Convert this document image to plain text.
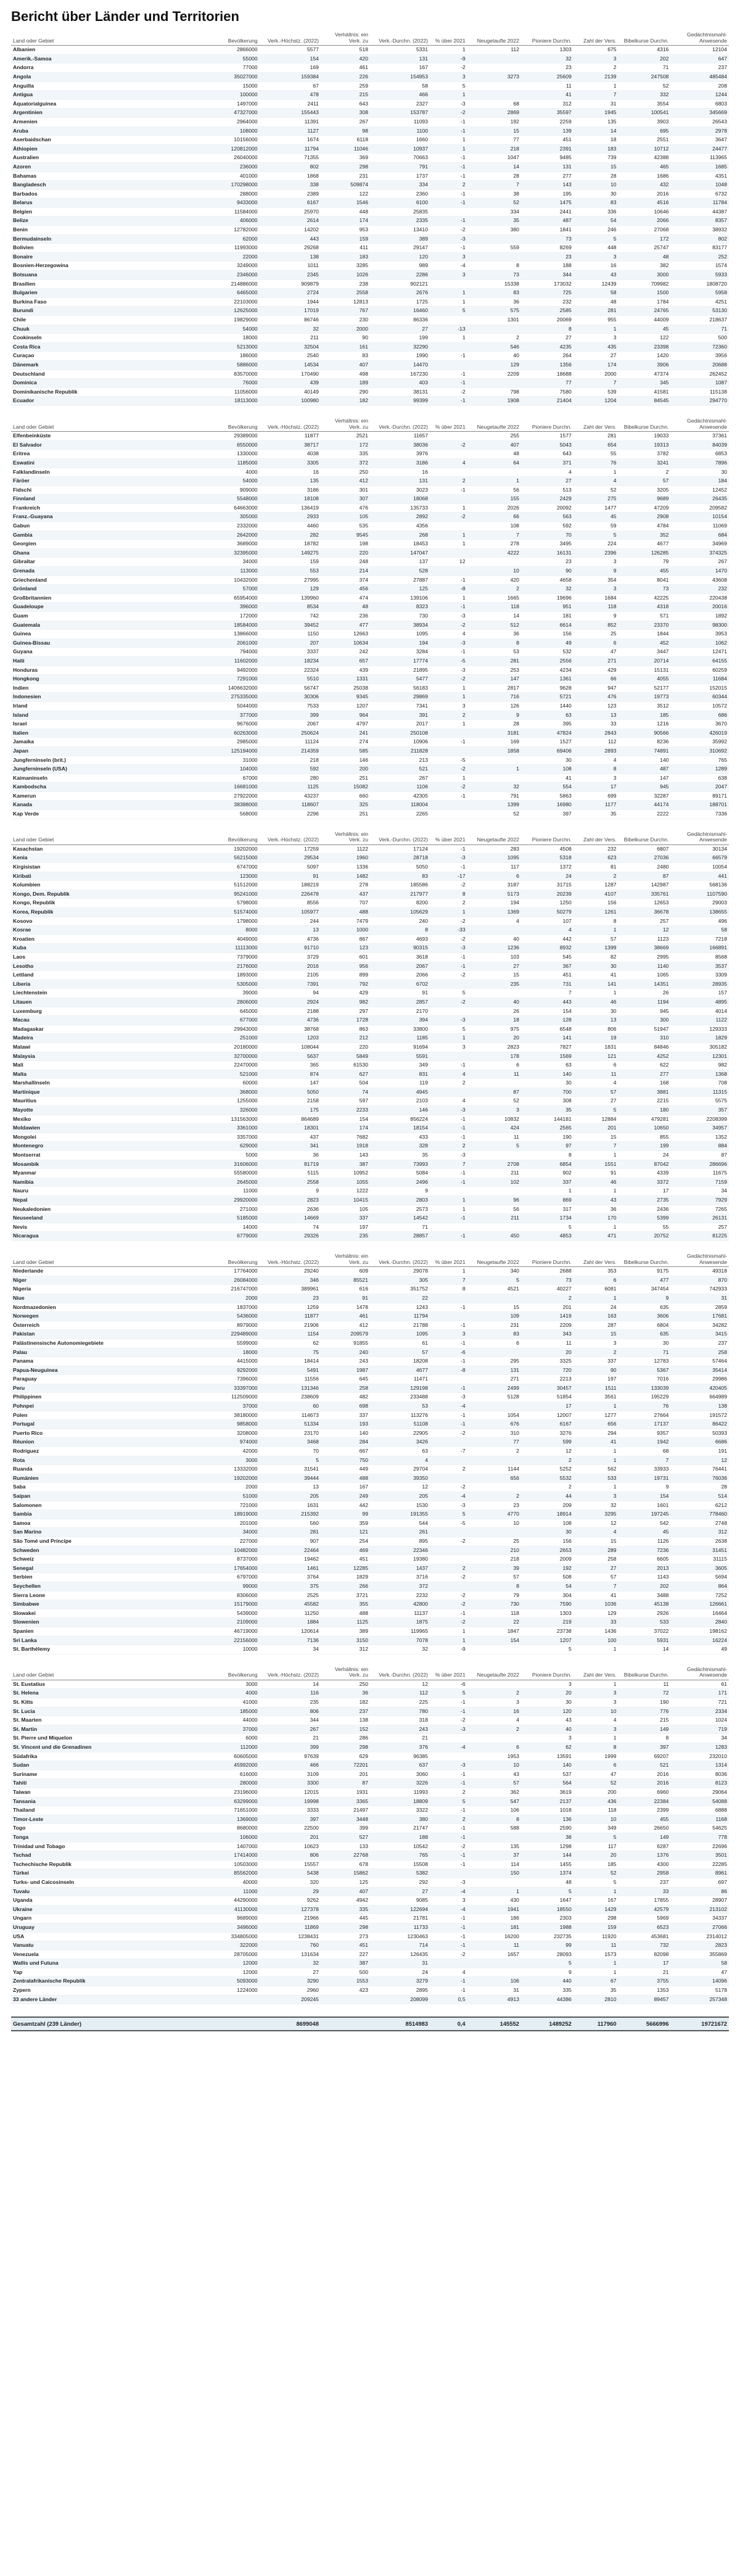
Bericht über Länder und Territorien
Land oder Gebiet	Bevölkerung	Verk.-Höchstz. (2022)	Verhältnis: ein Verk. zu	Verk.-Durchn. (2022)	% über 2021	Neugetaufte 2022	Pioniere Durchn.	Zahl der Vers.	Bibelkurse Durchn.	Gedächtnismahl-Anwesende
Albanien	2866000	5577	518	5331	1	112	1303	675	4316	12104
Amerik.-Samoa	55000	154	420	131	-9		32	3	202	647
Andorra	77000	169	461	167	-2		23	2	71	237
Angola	35027000	159384	226	154953	3	3273	25609	2139	247508	485484
Anguilla	15000	67	259	58	5		11	1	52	208
Antigua	100000	478	215	466	1		41	7	332	1244
Äquatorialguinea	1497000	2411	643	2327	-3	68	312	31	3554	6803
Argentinien	47327000	155443	308	153787	-2	2869	35597	1945	100541	345669
Armenien	2964000	11391	267	11093	-1	192	2259	135	3903	26543
Aruba	108000	1127	98	1100	-1	15	139	14	695	2978
Aserbaidschan	10156000	1674	6118	1660	1	77	451	18	2551	3647
Äthiopien	120812000	11794	11046	10937	1	218	2391	183	10712	24477
Australien	26040000	71355	369	70663	-1	1047	9485	739	42388	113965
Azoren	236000	802	298	791	-1	14	131	15	465	1685
Bahamas	401000	1868	231	1737	-1	28	277	28	1686	4351
Bangladesch	170298000	338	509874	334	2	7	143	10	432	1048
Barbados	288000	2389	122	2360	-1	38	195	30	2016	6732
Belarus	9433000	6167	1546	6100	-1	52	1475	83	4516	11784
Belgien	11584000	25970	448	25835		334	2441	336	10646	44387
Belize	406000	2614	174	2335	-1	35	487	54	2066	8357
Benin	12782000	14202	953	13410	-2	380	1841	246	27068	38932
Bermudainseln	62000	443	159	389	-3		73	5	172	802
Bolivien	11993000	29268	411	29147	-1	559	8269	448	25747	83177
Bonaire	22000	138	183	120	3		23	3	48	252
Bosnien-Herzegowina	3249000	1011	3285	989	-4	8	188	16	382	1574
Botsuana	2346000	2345	1026	2286	3	73	344	43	3000	5933
Brasilien	214886000	909879	238	902121		15338	173032	12439	709982	1808720
Bulgarien	6465000	2724	2558	2676	1	83	725	58	1500	5958
Burkina Faso	22103000	1944	12813	1725	1	36	232	48	1784	4251
Burundi	12625000	17019	767	16460	5	575	2585	281	24765	53130
Chile	19829000	86746	230	86336		1301	20069	955	44009	218637
Chuuk	54000	32	2000	27	-13		8	1	45	71
Cookinseln	18000	211	90	199	1	2	27	3	122	500
Costa Rica	5213000	32504	161	32290		546	4235	435	23398	72360
Curaçao	186000	2540	83	1990	-1	40	264	27	1420	3956
Dänemark	5886000	14534	407	14470		129	1356	174	3906	20688
Deutschland	83570000	170490	498	167230	-1	2209	18688	2000	47374	262452
Dominica	76000	439	189	403	-1		77	7	345	1087
Dominikanische Republik	11056000	40149	290	38131	-2	798	7580	539	41581	115138
Ecuador	18113000	100980	182	99399	-1	1908	21404	1204	84545	294770
Land oder Gebiet	Bevölkerung	Verk.-Höchstz. (2022)	Verhältnis: ein Verk. zu	Verk.-Durchn. (2022)	% über 2021	Neugetaufte 2022	Pioniere Durchn.	Zahl der Vers.	Bibelkurse Durchn.	Gedächtnismahl-Anwesende
Elfenbeinküste	29389000	11877	2521	11657		255	1577	281	19033	37361
El Salvador	6550000	38717	172	38036	-2	407	5043	654	19313	84039
Eritrea	1330000	4038	335	3976		48	643	55	3782	6853
Eswatini	1185000	3305	372	3186	4	64	371	76	3241	7896
Falklandinseln	4000	16	250	16			4	1	2	30
Färöer	54000	135	412	131	2	1	27	4	57	184
Fidschi	909000	3186	301	3023	-1	56	513	52	3205	12452
Finnland	5548000	18108	307	18068		155	2429	275	9689	26435
Frankreich	64663000	136419	476	135733	1	2026	20092	1477	47209	209582
Franz.-Guayana	305000	2933	105	2892	-2	66	563	45	2908	10154
Gabun	2332000	4460	535	4356		108	592	59	4784	11069
Gambia	2642000	282	9545	268	1	7	70	5	352	684
Georgien	3689000	18782	198	18453	1	278	3495	224	4677	34969
Ghana	32395000	149275	220	147047		4222	16131	2396	126285	374325
Gibraltar	34000	159	248	137	12		23	3	79	267
Grenada	113000	553	214	528		10	90	9	455	1470
Griechenland	10432000	27995	374	27887	-1	420	4658	354	8041	43608
Grönland	57000	129	456	125	-8	2	32	3	73	232
Großbritannien	65954000	139960	474	139106	1	1665	19696	1684	42225	220438
Guadeloupe	396000	8534	48	8323	-1	118	951	118	4318	20016
Guam	172000	742	236	730	-3	14	181	9	571	1892
Guatemala	18584000	39452	477	38934	-2	512	6614	852	23370	98300
Guinea	13866000	1150	12663	1095	4	36	156	25	1844	3953
Guinea-Bissau	2061000	207	10634	194	-3	8	49	6	452	1062
Guyana	794000	3337	242	3284	-1	53	532	47	3447	12471
Haiti	11602000	18234	657	17774	-5	281	2556	271	20714	64155
Honduras	9492000	22324	439	21895	-3	253	4234	429	15131	60259
Hongkong	7291000	5510	1331	5477	-2	147	1361	66	4055	11684
Indien	1406632000	56747	25038	56183	1	2817	9628	947	52177	152015
Indonesien	275335000	30306	9345	29869	1	716	5721	476	19773	60344
Irland	5044000	7533	1207	7341	3	126	1440	123	3512	10572
Island	377000	399	964	391	2	9	63	13	185	686
Israel	9676000	2067	4797	2017	1	28	395	33	1216	3670
Italien	60263000	250624	241	250108		3181	47824	2843	90566	426019
Jamaika	2985000	11124	274	10906	-1	169	1527	112	8236	35992
Japan	125194000	214359	585	211828		1858	69406	2893	74891	310692
Jungferninseln (brit.)	31000	218	146	213	-5		30	4	140	765
Jungferninseln (USA)	104000	592	200	521	-2	1	108	8	487	1289
Kaimaninseln	67000	280	251	267	1		41	3	147	638
Kambodscha	16681000	1125	15082	1106	-2	32	554	17	945	2047
Kamerun	27922000	43237	660	42305	-1	791	5863	699	32287	89171
Kanada	38388000	118607	325	118004		1399	16980	1177	44174	188701
Kap Verde	568000	2296	251	2265		52	397	35	2222	7336
Land oder Gebiet	Bevölkerung	Verk.-Höchstz. (2022)	Verhältnis: ein Verk. zu	Verk.-Durchn. (2022)	% über 2021	Neugetaufte 2022	Pioniere Durchn.	Zahl der Vers.	Bibelkurse Durchn.	Gedächtnismahl-Anwesende
Kasachstan	19202000	17259	1122	17124	-1	283	4508	232	6807	30134
Kenia	56215000	29534	1960	28718	-3	1095	5318	623	27036	66579
Kirgisistan	6747000	5097	1336	5050	-1	117	1372	81	2480	10054
Kiribati	123000	91	1482	83	-17	6	24	2	87	441
Kolumbien	51512000	188219	278	185586	-2	3187	31715	1287	142987	568136
Kongo, Dem. Republik	95241000	226478	437	217977	8	5173	20239	4107	335761	1107590
Kongo, Republik	5798000	8556	707	8200	2	194	1250	156	12653	29003
Korea, Republik	51574000	105977	488	105629	1	1369	50279	1261	36678	138655
Kosovo	1798000	244	7479	240	-2	4	107	8	257	496
Kosrae	8000	13	1000	8	-33		4	1	12	58
Kroatien	4049000	4736	867	4693	-2	40	442	57	1123	7218
Kuba	11113000	91710	123	90315	-3	1236	8932	1399	38669	166891
Laos	7379000	3729	601	3618	-1	103	545	82	2995	8568
Lesotho	2176000	2016	956	2067	-1	27	367	30	1140	3537
Lettland	1893000	2105	899	2066	-2	15	451	41	1065	3309
Liberia	5305000	7391	792	6702		235	731	141	14351	28935
Liechtenstein	39000	94	429	91	5		7	1	26	157
Litauen	2806000	2924	982	2857	-2	40	443	46	1194	4895
Luxemburg	645000	2188	297	2170		26	154	30	945	4014
Macau	677000	4736	1728	394	-3	18	128	13	300	1122
Madagaskar	29943000	38768	863	33800	5	975	6548	806	51947	129333
Madeira	251000	1203	212	1185	1	20	141	19	310	1829
Malawi	20180000	108044	220	91694	3	2823	7827	1831	84846	305182
Malaysia	32700000	5637	5849	5591		178	1569	121	4252	12301
Mali	22470000	365	61530	349	-1	6	63	6	622	982
Malta	521000	874	627	831	4	11	140	11	277	1368
Marshallinseln	60000	147	504	119	2		30	4	168	708
Martinique	368000	5050	74	4945		87	700	57	3881	11315
Mauritius	1255000	2158	597	2103	4	52	308	27	2215	5575
Mayotte	326000	175	2233	146	-3	3	35	5	180	357
Mexiko	131563000	864689	154	856224	-1	10832	144181	12884	479281	2208399
Moldawien	3361000	18301	174	18154	-1	424	2565	201	10650	34957
Mongolei	3357000	437	7682	433	-1	11	190	15	855	1352
Montenegro	629000	341	1918	328	2	5	97	7	199	884
Montserrat	5000	36	143	35	-3		8	1	24	87
Mosambik	31606000	81719	387	73993	7	2708	6854	1551	87042	286696
Myanmar	55580000	5115	10952	5084	-1	211	902	91	4339	11675
Namibia	2645000	2558	1055	2496	-1	102	337	46	3372	7159
Nauru	11000	9	1222	9			1	1	17	34
Nepal	29920000	2823	10415	2803	1	96	869	43	2735	7929
Neukaledonien	271000	2636	105	2573	1	56	317	36	2436	7265
Neuseeland	5185000	14669	337	14542	-1	211	1734	170	5399	26131
Nevis	14000	74	197	71			5	1	55	257
Nicaragua	6779000	29326	235	28857	-1	450	4853	471	20752	81225
Land oder Gebiet	Bevölkerung	Verk.-Höchstz. (2022)	Verhältnis: ein Verk. zu	Verk.-Durchn. (2022)	% über 2021	Neugetaufte 2022	Pioniere Durchn.	Zahl der Vers.	Bibelkurse Durchn.	Gedächtnismahl-Anwesende
Niederlande	17764000	29240	609	29078	1	340	2688	353	9175	49318
Niger	26084000	346	85521	305	7	5	73	6	477	870
Nigeria	216747000	389961	616	351752	8	4521	40227	6081	347454	742933
Niue	2000	23	91	22			2	1	9	31
Nordmazedonien	1837000	1259	1478	1243	-1	15	201	24	635	2859
Norwegen	5436000	11877	461	11794		109	1419	163	3606	17681
Österreich	8979000	21906	412	21788	-1	231	2209	287	6804	34282
Pakistan	229489000	1154	209579	1095	3	83	343	15	635	3415
Palästinensische Autonomiegebiete	5599000	62	91855	61	-1	6	11	3	30	237
Palau	18000	75	240	57	-6		20	2	71	258
Panama	4415000	18414	243	18208	-1	295	3325	337	12783	57464
Papua-Neuguinea	9292000	5491	1987	4677	-8	131	720	90	5367	35414
Paraguay	7396000	11556	645	11471		271	2213	197	7016	29986
Peru	33397000	131346	258	129198	-1	2499	30457	1511	133039	420405
Philippinen	112509000	238609	482	233488	-3	5128	51854	3561	195229	664989
Pohnpei	37000	60	698	53	-4		17	1	76	138
Polen	38180000	114673	337	113276	-1	1054	12007	1277	27664	191572
Portugal	9858000	51334	193	51108	-1	676	6167	656	17137	86422
Puerto Rico	3208000	23170	140	22905	-2	310	3276	294	9357	50393
Réunion	974000	3468	284	3426		77	599	41	1942	6686
Rodriguez	42000	70	667	63	-7	2	12	1	68	191
Rota	3000	5	750	4			2	1	7	12
Ruanda	13332000	31541	449	29704	2	1144	5252	562	33933	76441
Rumänien	19202000	39444	488	39350		656	5532	533	19731	76036
Saba	2000	13	167	12	-2		2	1	9	28
Saipan	51000	205	249	205	-4	2	44	3	154	514
Salomonen	721000	1631	442	1530	-3	23	209	32	1601	6212
Sambia	18919000	215392	99	191355	5	4770	18914	3295	197245	778460
Samoa	201000	560	359	544	-5	10	108	12	542	2748
San Marino	34000	281	121	261			30	4	45	312
São Tomé und Príncipe	227000	907	254	895	-2	25	156	15	1126	2638
Schweden	10482000	22464	469	22346		210	2653	289	7236	31451
Schweiz	8737000	19462	451	19380		218	2009	258	6605	31115
Senegal	17654000	1461	12285	1437	2	39	192	27	2013	3605
Serbien	6797000	3764	1829	3716	-2	57	508	57	1143	5694
Seychellen	99000	375	266	372		8	54	7	202	864
Sierra Leone	8306000	2525	3721	2232	-2	79	304	41	3488	7252
Simbabwe	15179000	45582	355	42800	-2	730	7590	1036	45138	126661
Slowakei	5439000	11250	488	11137	-1	118	1303	129	2926	16464
Slowenien	2109000	1884	1125	1875	-2	22	219	33	533	2840
Spanien	46719000	120614	389	119965	1	1847	23738	1436	37022	198162
Sri Lanka	22156000	7136	3150	7078	1	154	1207	100	5931	16224
St. Barthélemy	10000	34	312	32	-9		5	1	14	49
Land oder Gebiet	Bevölkerung	Verk.-Höchstz. (2022)	Verhältnis: ein Verk. zu	Verk.-Durchn. (2022)	% über 2021	Neugetaufte 2022	Pioniere Durchn.	Zahl der Vers.	Bibelkurse Durchn.	Gedächtnismahl-Anwesende
St. Eustatius	3000	14	250	12	-6		3	1	11	61
St. Helena	4000	116	36	112	5	2	20	3	72	171
St. Kitts	41000	235	182	225	-1	3	30	3	190	721
St. Lucia	185000	806	237	780	-1	16	120	10	776	2334
St. Maarten	44000	344	138	318	-2	4	43	4	215	1024
St. Martin	37000	267	152	243	-3	2	40	3	149	719
St. Pierre und Miquelon	6000	21	286	21			3	1	8	34
St. Vincent und die Grenadinen	112000	399	298	376	-4	6	62	8	397	1283
Südafrika	60605000	97639	629	96385		1953	13591	1999	69207	232010
Sudan	45992000	466	72201	637	-3	10	140	6	521	1314
Suriname	616000	3109	201	3060	-1	43	537	47	2016	8036
Tahiti	280000	3300	87	3226	-1	57	564	52	2016	8123
Taiwan	23196000	12015	1931	11993	2	362	3619	200	6960	29064
Tansania	63299000	19998	3365	18809	5	547	2137	436	22384	54088
Thailand	71651000	3333	21497	3322	-1	106	1018	118	2399	6888
Timor-Leste	1369000	397	3448	380	2	8	136	10	455	1168
Togo	8680000	22500	399	21747	-1	588	2590	349	26650	54625
Tonga	106000	201	527	188	-1		38	5	149	778
Trinidad und Tobago	1407000	10623	133	10542	-2	135	1298	117	6287	22696
Tschad	17414000	806	22768	765	-1	37	144	20	1376	3501
Tschechische Republik	10503000	15557	678	15508	-1	114	1455	185	4300	22285
Türkei	85562000	5438	15862	5382		150	1374	52	2958	8961
Turks- und Caicosinseln	40000	320	125	292	-3		48	5	237	697
Tuvalu	11000	29	407	27	-4	1	5	1	33	86
Uganda	44290000	9262	4942	9085	3	430	1647	167	17855	28907
Ukraine	41130000	127378	335	122694	-4	1941	18550	1429	42579	213102
Ungarn	9689000	21966	445	21781	-1	186	2303	298	5969	34337
Uruguay	3496000	11869	298	11733	-1	181	1988	159	6523	27066
USA	334805000	1238431	273	1230463	-1	16200	232735	11920	453681	2314012
Vanuatu	322000	760	451	714	-1	11	99	11	732	2823
Venezuela	28705000	131634	227	126435	-2	1657	28093	1573	82098	355869
Wallis und Futuna	12000	32	387	31			5	1	17	58
Yap	12000	27	500	24	4		9	1	21	47
Zentralafrikanische Republik	5093000	3290	1553	3279	-1	106	440	67	3755	14096
Zypern	1224000	2960	423	2895	-1	31	335	35	1353	5178
33 andere Länder		209245		208099	0,5	4913	44386	2810	89457	257348
Gesamtzahl (239 Länder)		8699048		8514983	0,4	145552	1489252	117960	5666996	19721672
